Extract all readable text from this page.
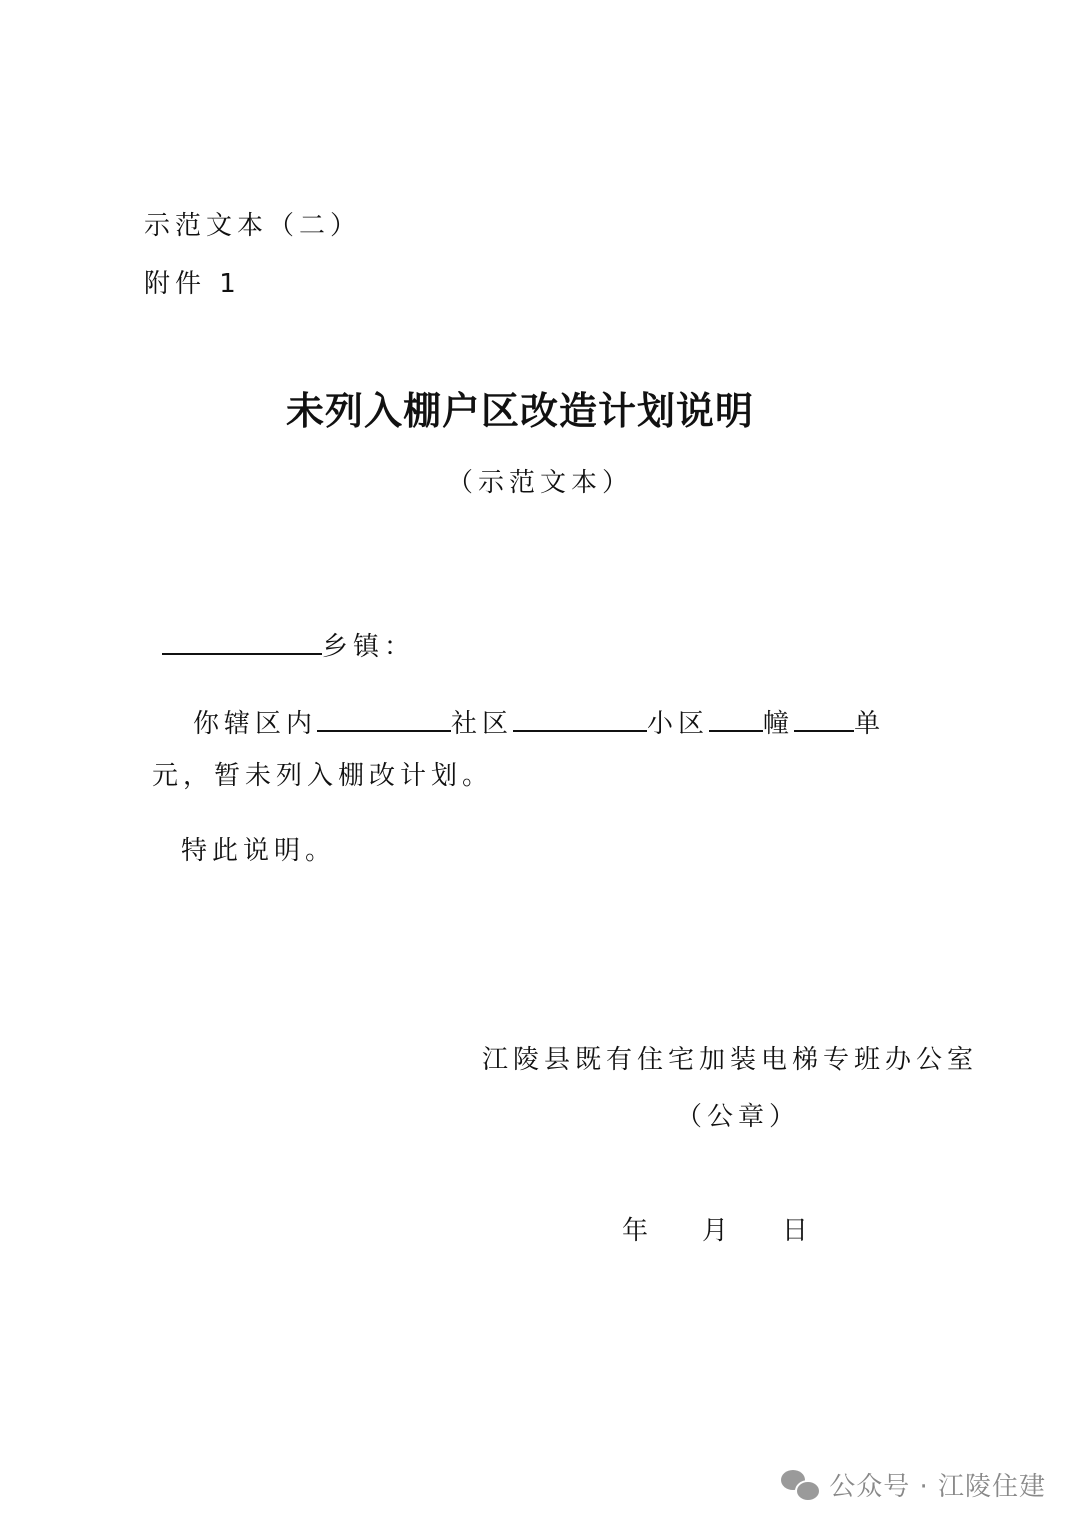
示范文本（二）
附件 1
未列入棚户区改造计划说明
（示范文本）
乡镇：
你辖区内	社区	小区 幢 单
元，暂未列入棚改计划。
特此说明。
江陵县既有住宅加装电梯专班办公室
（公章）
年　月　日
公众号 · 江陵住建
